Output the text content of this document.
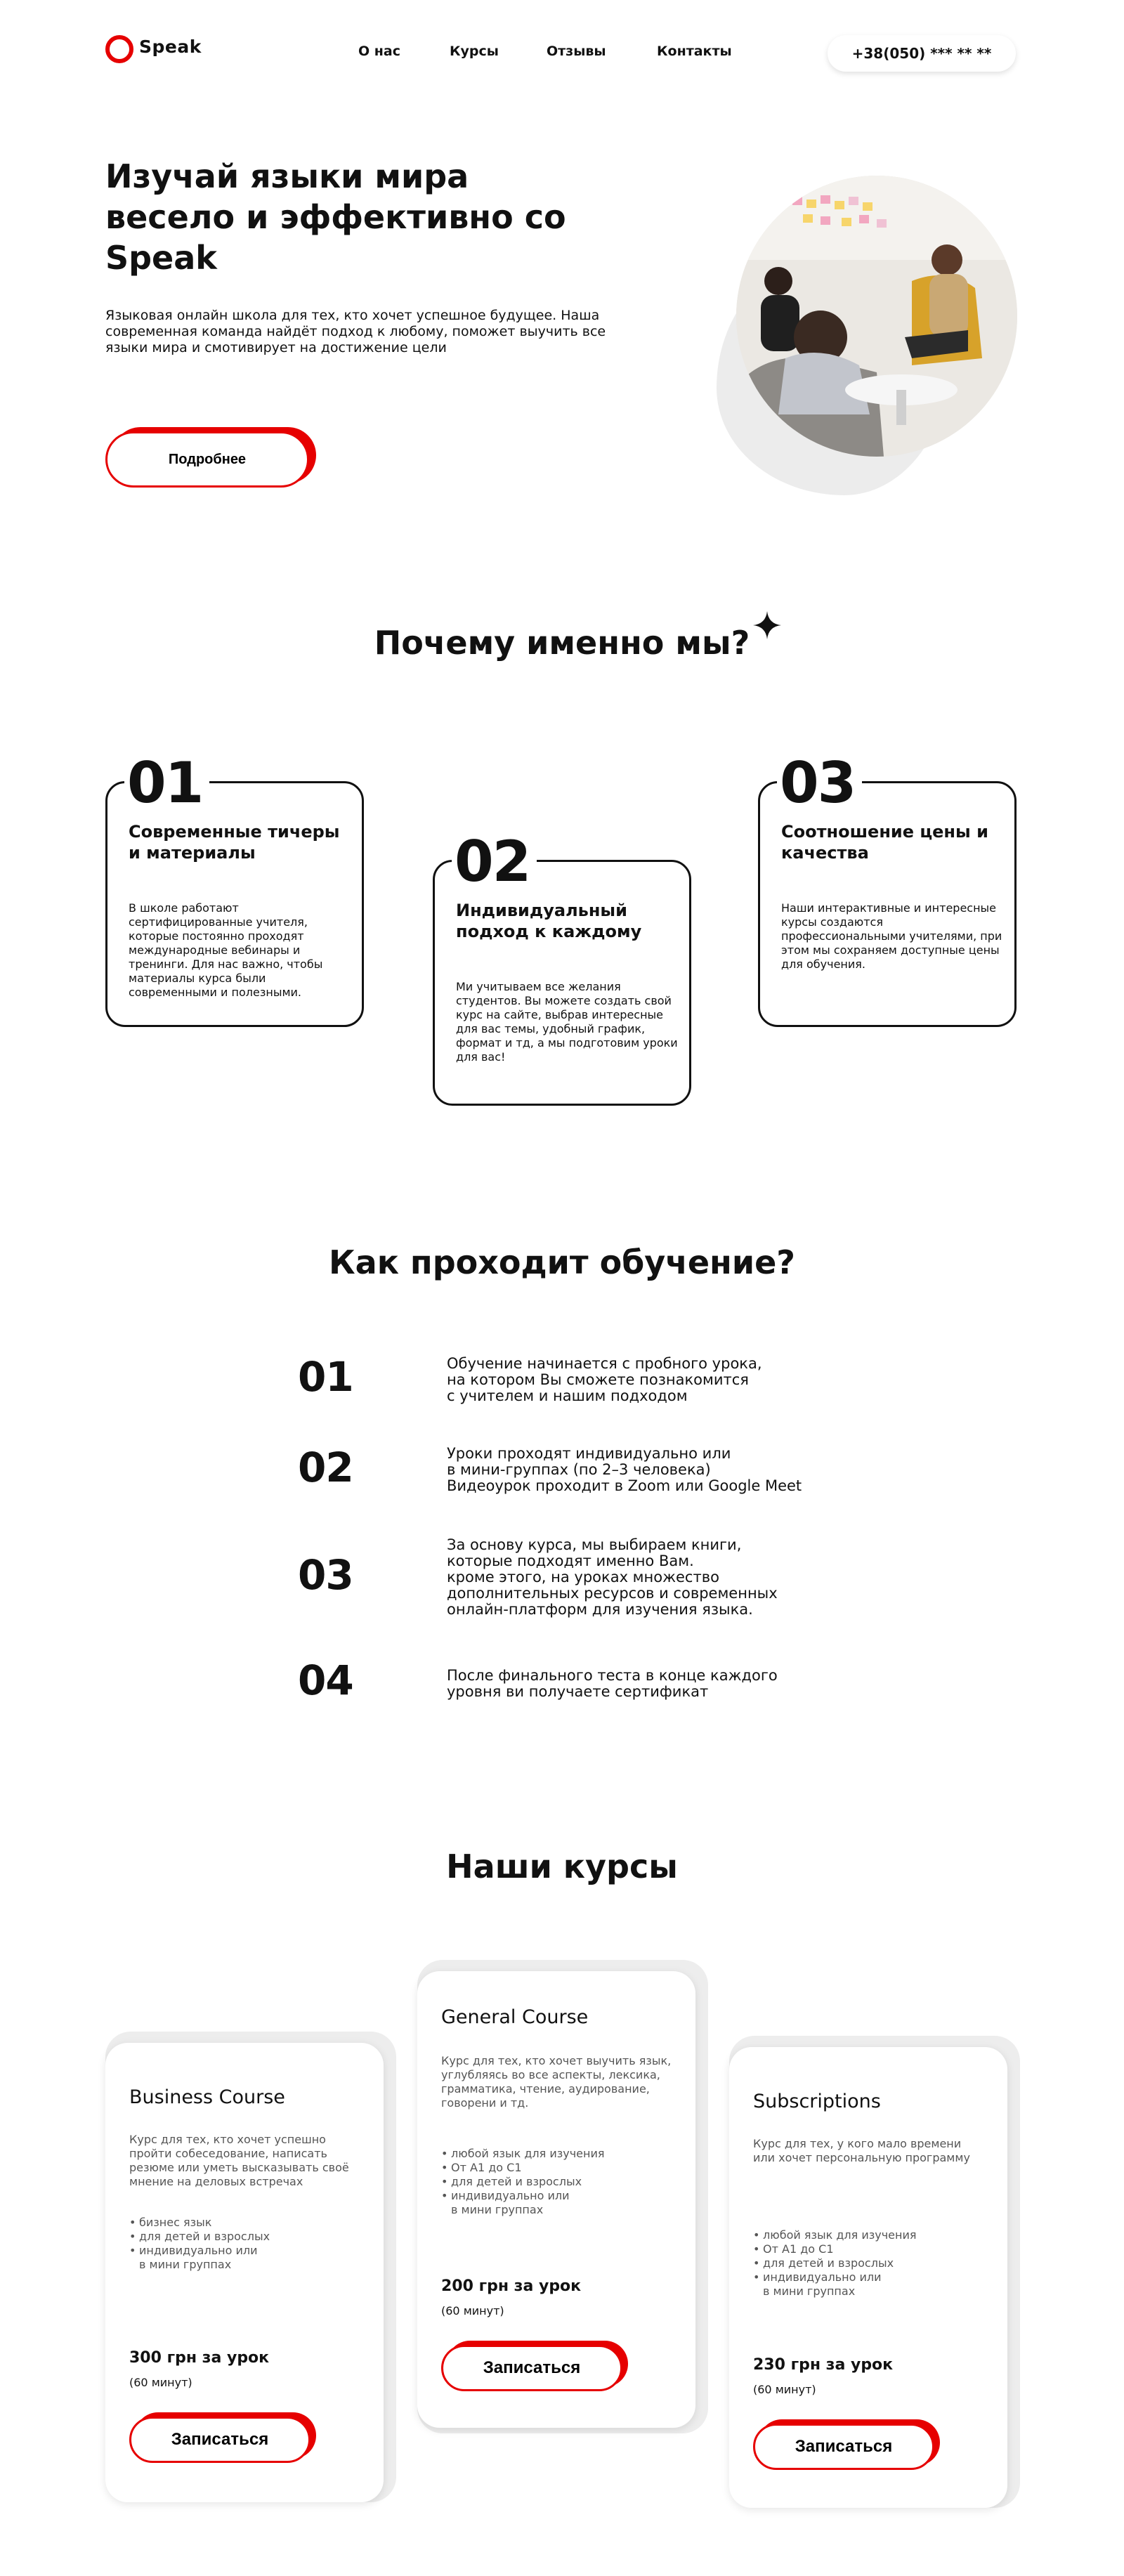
Speak	О нас	Курсы	Отзывы	Контакты	+38(050) *** ** **
Изучай языки мира весело и эффективно со Speak

Языковая онлайн школа для тех, кто хочет успешное будущее. Наша современная команда найдёт подход к любому, поможет выучить все языки мира и смотивирует на достижение цели

Подробнее
Почему именно мы?
01
Современные тичеры и материалы
В школе работают сертифицированные учителя, которые постоянно проходят международные вебинары и тренинги. Для нас важно, чтобы материалы курса были современными и полезными.
02
Индивидуальный подход к каждому
Ми учитываем все желания студентов. Вы можете создать свой курс на сайте, выбрав интересные для вас темы, удобный график, формат и тд, а мы подготовим уроки для вас!
03
Соотношение цены и качества
Наши интерактивные и интересные курсы создаются профессиональными учителями, при этом мы сохраняем доступные цены для обучения.
Как проходит обучение?
01	Обучение начинается с пробного урока,
на котором Вы сможете познакомится
с учителем и нашим подходом
02	Уроки проходят индивидуально или
в мини-группах (по 2–3 человека)
Видеоурок проходит в Zoom или Google Meet
03
За основу курса, мы выбираем книги,
которые подходят именно Вам.
кроме этого, на уроках множество
дополнительных ресурсов и современных
онлайн-платформ для изучения языка.
04	После финального теста в конце каждого
уровня ви получаете сертификат
Наши курсы
Business Course
Курс для тех, кто хочет успешно пройти собеседование, написать резюме или уметь высказывать своё мнение на деловых встречах
• бизнес язык
• для детей и взрослых
• индивидуально или
в мини группах
300 грн за урок
(60 минут)
Записаться
General Course
Курс для тех, кто хочет выучить язык, углубляясь во все аспекты, лексика, грамматика, чтение, аудирование, говорени и тд.
• любой язык для изучения
• От А1 до С1
• для детей и взрослых
• индивидуально или
в мини группах
200 грн за урок
(60 минут)
Записаться
Subscriptions
Курс для тех, у кого мало времени или хочет персональную программу
• любой язык для изучения
• От А1 до С1
• для детей и взрослых
• индивидуально или
в мини группах
230 грн за урок
(60 минут)
Записаться
